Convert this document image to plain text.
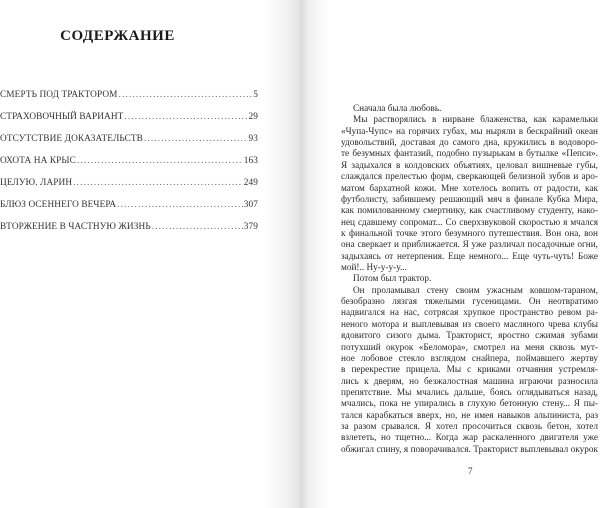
СОДЕРЖАНИЕ
СМЕРТЬ ПОД ТРАКТОРОМ . . .	5
СТРАХОВОЧНЫЙ ВАРИАНТ . . .	29
ОТСУТСТВИЕ ДОКАЗАТЕЛЬСТВ . . .	93
ОХОТА НА КРЫС . . .	163
ЦЕЛУЮ. ЛАРИН . . .	249
БЛЮЗ ОСЕННЕГО ВЕЧЕРА . . .	307
ВТОРЖЕНИЕ В ЧАСТНУЮ ЖИЗНЬ . . .	379
Сначала была любовь.
Мы растворялись в нирване блаженства, как карамельки
«Чупа-Чупс» на горячих губах, мы ныряли в бескрайний океан
удовольствий, доставая до самого дна, кружились в водоворо-
те безумных фантазий, подобно пузырькам в бутылке «Пепси».
Я задыхался в колдовских объятиях, целовал вишневые губы,
слаждался прелестью форм, сверкающей белизной зубов и аро-
матом бархатной кожи. Мне хотелось вопить от радости, как
футболисту, забившему решающий мяч в финале Кубка Мира,
как помилованному смертнику, как счастливому студенту, нако-
нец сдавшему сопромат... Со сверхзвуковой скоростью я мчался
к финальной точке этого безумного путешествия. Вон она, вон
она сверкает и приближается. Я уже различал посадочные огни,
задыхаясь от нетерпения. Еще немного... Еще чуть-чуть! Боже
мой!.. Ну-у-у-у...
Потом был трактор.
Он проламывал стену своим ужасным ковшом-тараном,
безобразно лязгая тяжелыми гусеницами. Он неотвратимо
надвигался на нас, сотрясая хрупкое пространство ревом ра-
неного мотора и выплевывая из своего масляного чрева клубы
ядовитого сизого дыма. Тракторист, яростно сжимая зубами
потухший окурок «Беломора», смотрел на меня сквозь мут-
ное лобовое стекло взглядом снайпера, поймавшего жертву
в перекрестие прицела. Мы с криками отчаяния устремля-
лись к дверям, но безжалостная машина играючи разносила
препятствие. Мы мчались дальше, боясь оглядываться назад,
мчались, пока не упирались в глухую бетонную стену... Я пы-
тался карабкаться вверх, но, не имея навыков альпиниста, раз
за разом срывался. Я хотел просочиться сквозь бетон, хотел
взлететь, но тщетно... Когда жар раскаленного двигателя уже
обжигал спину, я поворачивался. Тракторист выплевывал окурок
7
